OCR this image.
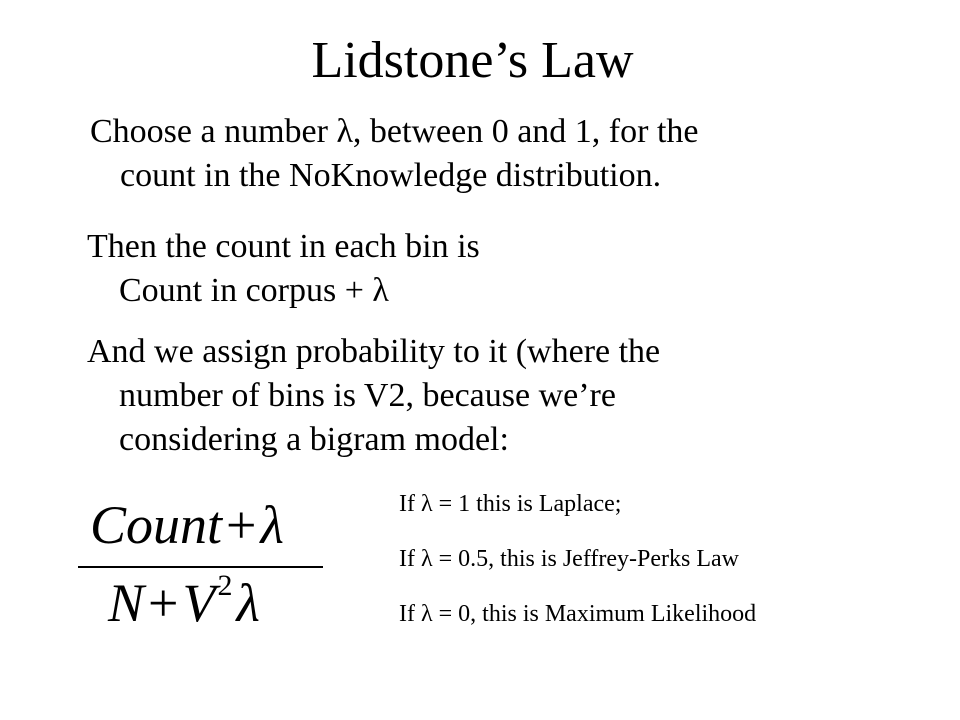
Lidstone’s Law
Choose a number λ, between 0 and 1, for the
count in the NoKnowledge distribution.
Then the count in each bin is
Count in corpus + λ
And we assign probability to it (where the
number of bins is V2, because we’re
considering a bigram model:
Count+λ
$N+V^2\lambda$
If λ = 1 this is Laplace;
If λ = 0.5, this is Jeffrey-Perks Law
If λ = 0, this is Maximum Likelihood
